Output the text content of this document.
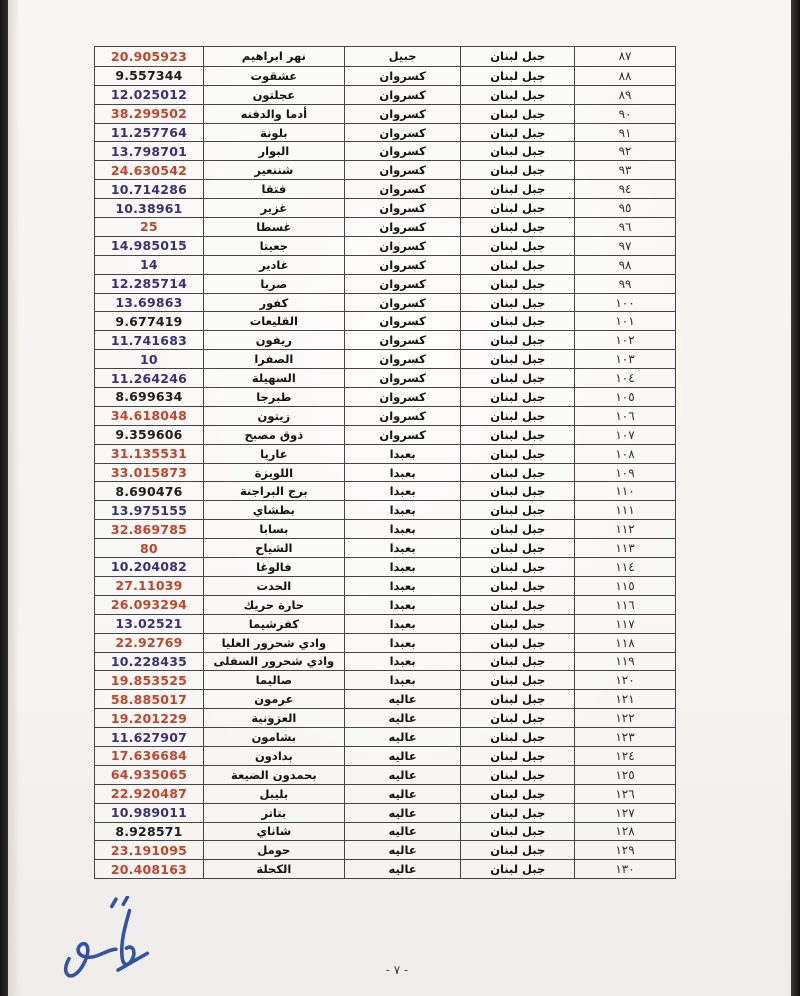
20.905923	نهر ابراهيم	جبيل	جبل لبنان	٨٧
9.557344	عشقوت	كسروان	جبل لبنان	٨٨
12.025012	عجلتون	كسروان	جبل لبنان	٨٩
38.299502	أدما والدفنه	كسروان	جبل لبنان	٩٠
11.257764	بلونة	كسروان	جبل لبنان	٩١
13.798701	البوار	كسروان	جبل لبنان	٩٢
24.630542	شننعير	كسروان	جبل لبنان	٩٣
10.714286	فتقا	كسروان	جبل لبنان	٩٤
10.38961	غزير	كسروان	جبل لبنان	٩٥
25	غسطا	كسروان	جبل لبنان	٩٦
14.985015	جعيتا	كسروان	جبل لبنان	٩٧
14	غادير	كسروان	جبل لبنان	٩٨
12.285714	صربا	كسروان	جبل لبنان	٩٩
13.69863	كفور	كسروان	جبل لبنان	١٠٠
9.677419	القليعات	كسروان	جبل لبنان	١٠١
11.741683	ريفون	كسروان	جبل لبنان	١٠٢
10	الصفرا	كسروان	جبل لبنان	١٠٣
11.264246	السهيلة	كسروان	جبل لبنان	١٠٤
8.699634	طبرجا	كسروان	جبل لبنان	١٠٥
34.618048	زيتون	كسروان	جبل لبنان	١٠٦
9.359606	ذوق مصبح	كسروان	جبل لبنان	١٠٧
31.135531	عاريا	بعبدا	جبل لبنان	١٠٨
33.015873	اللويزة	بعبدا	جبل لبنان	١٠٩
8.690476	برج البراجنة	بعبدا	جبل لبنان	١١٠
13.975155	بطشاي	بعبدا	جبل لبنان	١١١
32.869785	بسابا	بعبدا	جبل لبنان	١١٢
80	الشياح	بعبدا	جبل لبنان	١١٣
10.204082	فالوغا	بعبدا	جبل لبنان	١١٤
27.11039	الحدت	بعبدا	جبل لبنان	١١٥
26.093294	حارة حريك	بعبدا	جبل لبنان	١١٦
13.02521	كفرشيما	بعبدا	جبل لبنان	١١٧
22.92769	وادي شحرور العليا	بعبدا	جبل لبنان	١١٨
10.228435	وادي شحرور السفلى	بعبدا	جبل لبنان	١١٩
19.853525	صاليما	بعبدا	جبل لبنان	١٢٠
58.885017	عرمون	عاليه	جبل لبنان	١٢١
19.201229	العزونية	عاليه	جبل لبنان	١٢٢
11.627907	بشامون	عاليه	جبل لبنان	١٢٣
17.636684	بدادون	عاليه	جبل لبنان	١٢٤
64.935065	بحمدون الضيعة	عاليه	جبل لبنان	١٢٥
22.920487	بليبل	عاليه	جبل لبنان	١٢٦
10.989011	بتاتر	عاليه	جبل لبنان	١٢٧
8.928571	شاناي	عاليه	جبل لبنان	١٢٨
23.191095	حومل	عاليه	جبل لبنان	١٢٩
20.408163	الكحلة	عاليه	جبل لبنان	١٣٠
- ٧ -
